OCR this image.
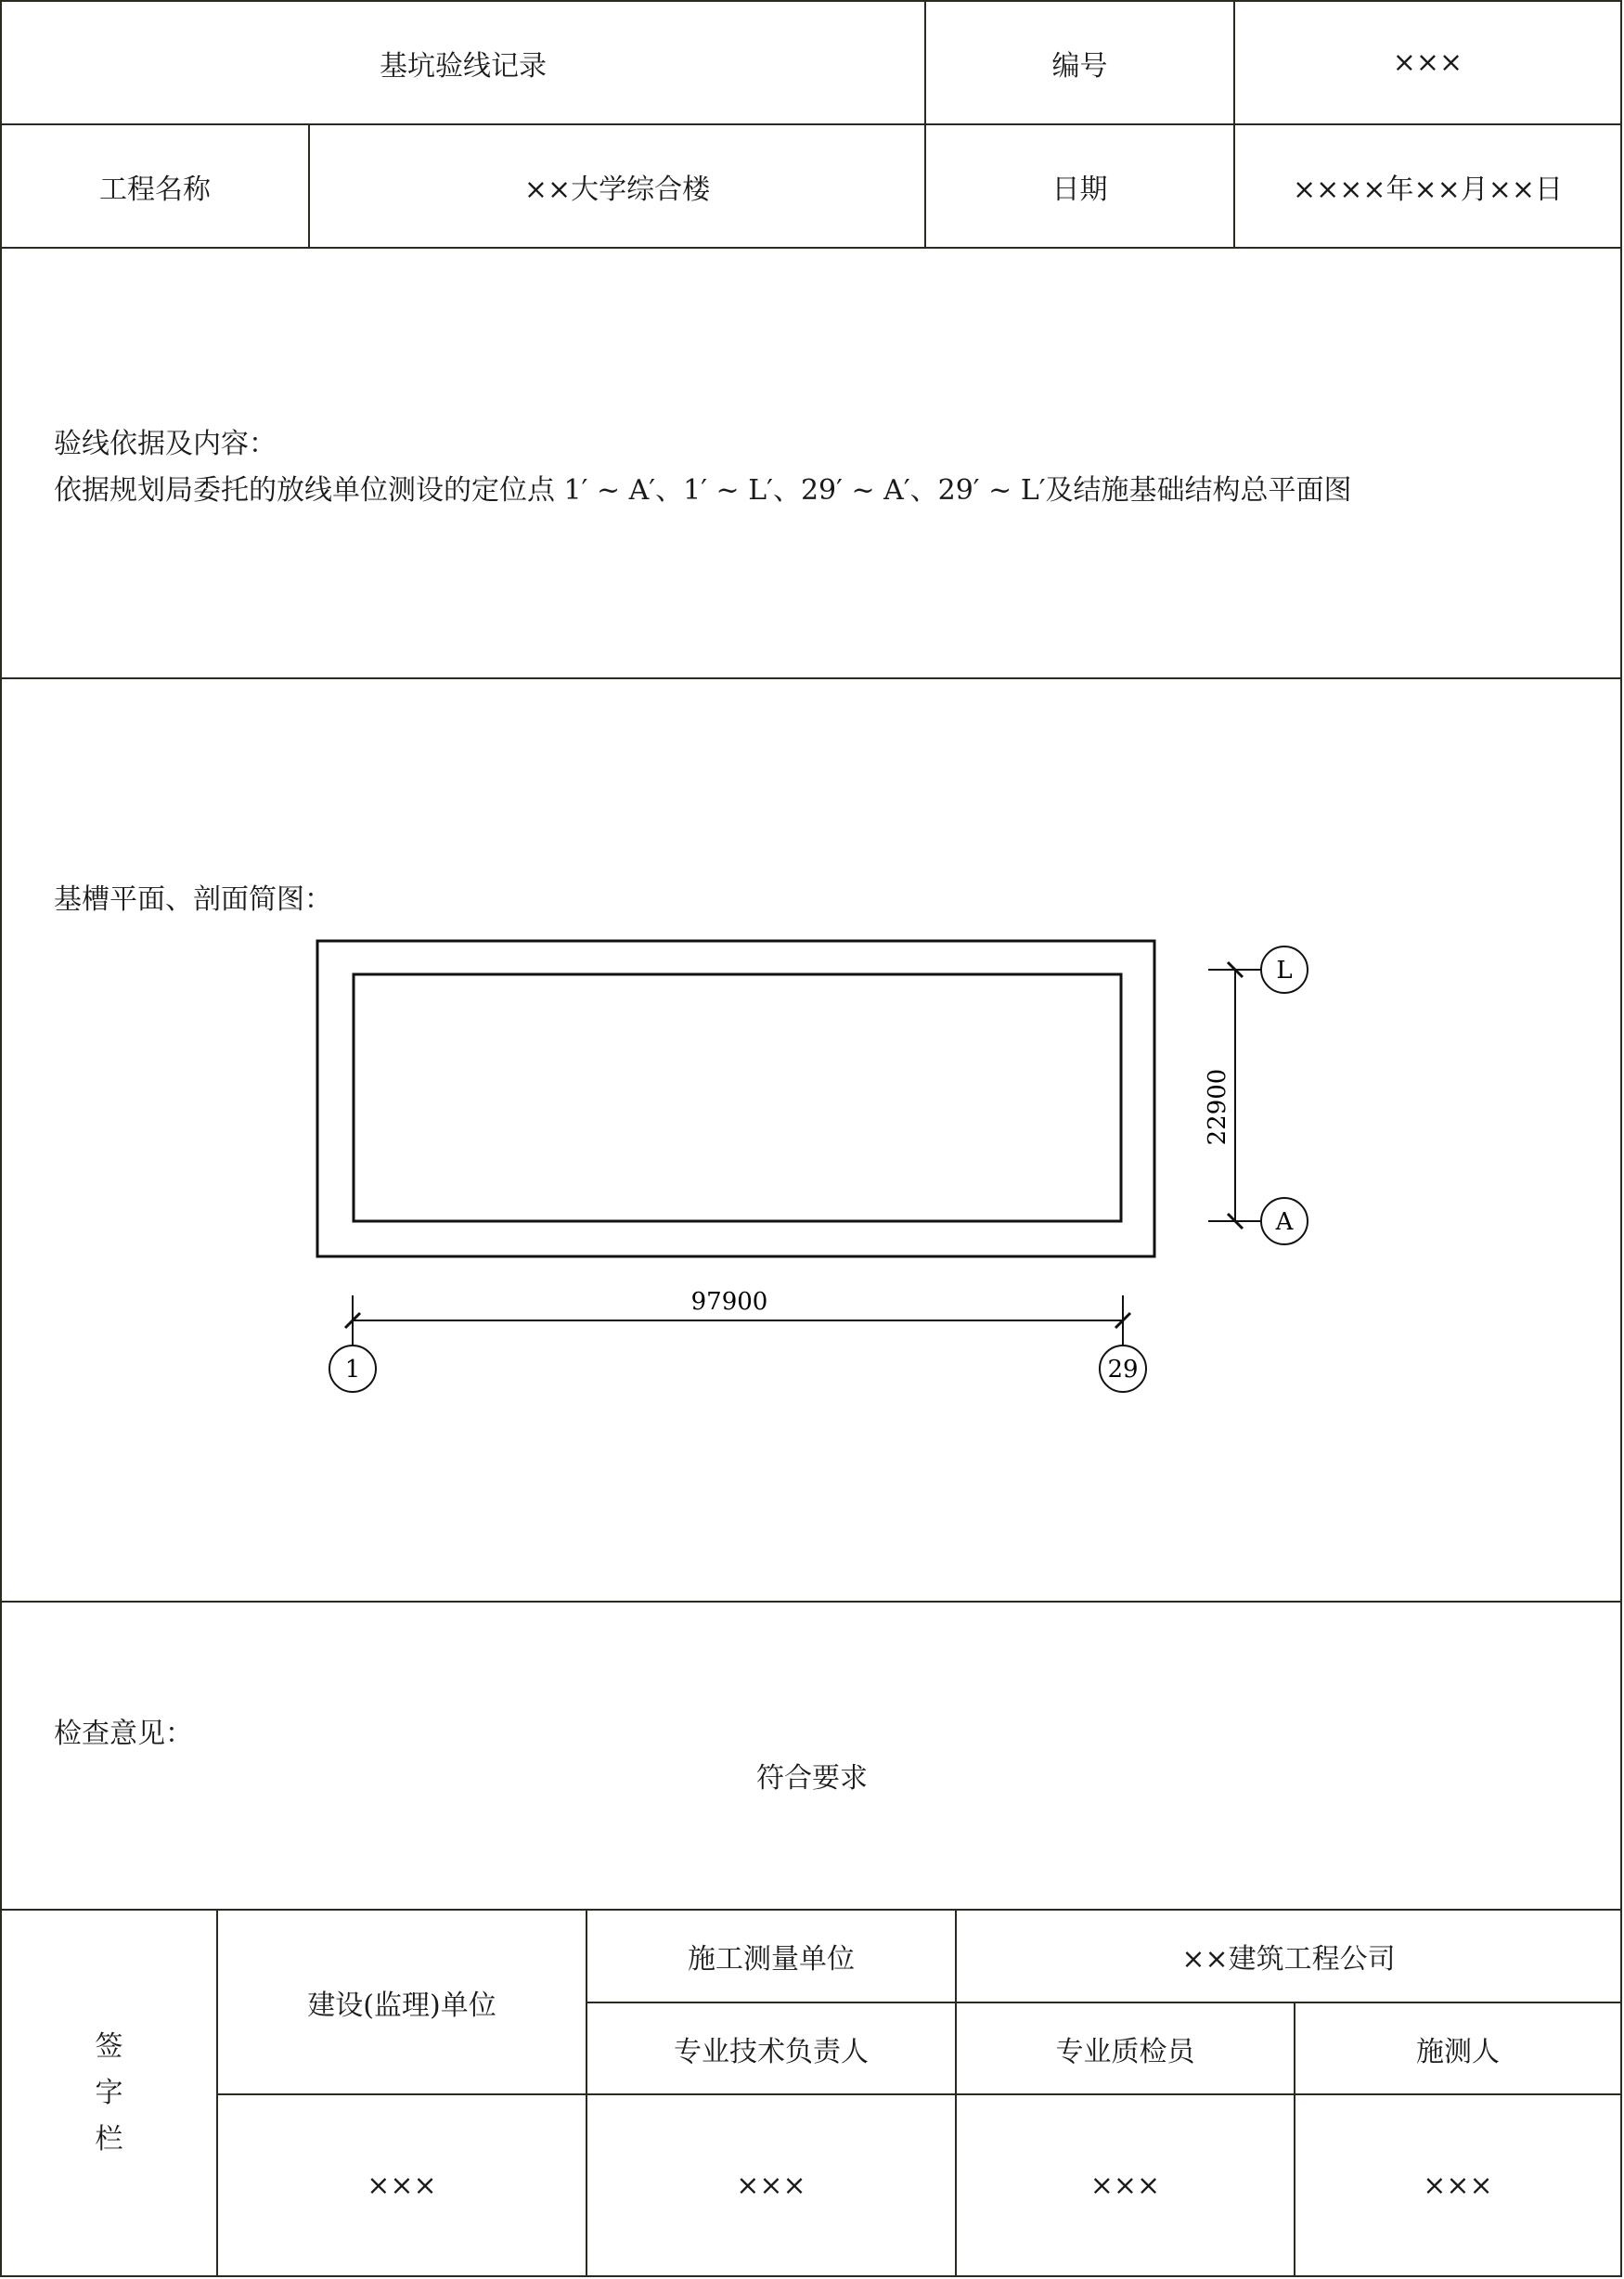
基坑验线记录	编号	×××
工程名称	××大学综合楼	日期	××××年××月××日
验线依据及内容：
依据规划局委托的放线单位测设的定位点 1′ ~ A′、1′ ~ L′、29′ ~ A′、29′ ~ L′及结施基础结构总平面图
基槽平面、剖面简图：
22900
L
A
97900
1	29
检查意见：
符合要求
签字栏
建设(监理)单位
施工测量单位	××建筑工程公司
专业技术负责人	专业质检员	施测人
×××	×××	×××	×××
